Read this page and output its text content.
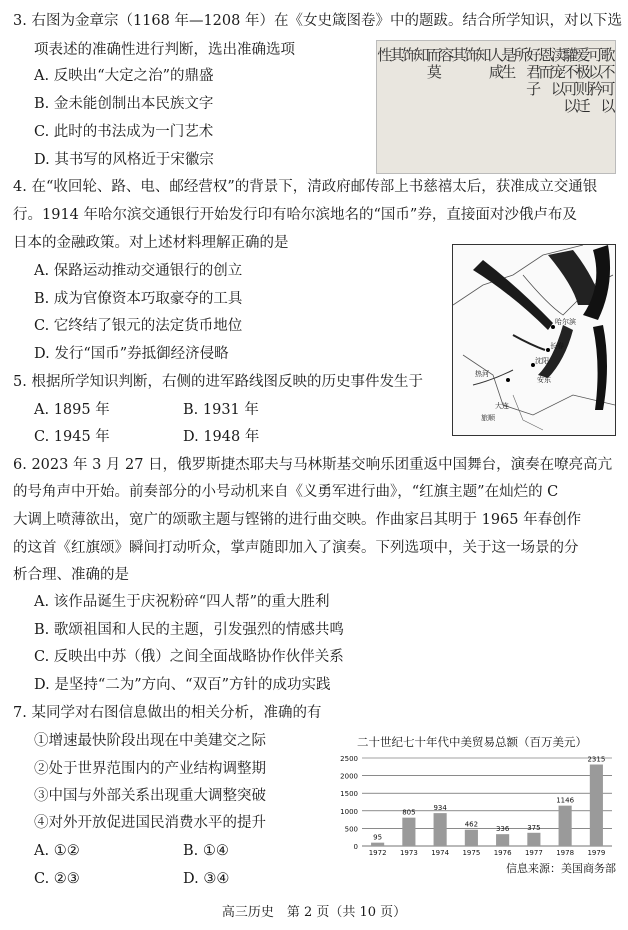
3. 右图为金章宗（1168 年—1208 年）在《女史箴图卷》中的题跋。结合所学知识，对以下选
项表述的准确性进行判断，选出准确选项
A. 反映出“大定之治”的鼎盛
B. 金未能创制出本民族文字
C. 此时的书法成为一门艺术
D. 其书写的风格近于宋徽宗
歌不可以
可以矜
爱极则迁
驩不可以
渎宠以
恩而
好君子
所
是生
人咸
知
饰
其
容
而莫
知
饰
其
性
4. 在“收回轮、路、电、邮经营权”的背景下，清政府邮传部上书慈禧太后，获准成立交通银
行。1914 年哈尔滨交通银行开始发行印有哈尔滨地名的“国币”券，直接面对沙俄卢布及
日本的金融政策。对上述材料理解正确的是
A. 保路运动推动交通银行的创立
B. 成为官僚资本巧取豪夺的工具
C. 它终结了银元的法定货币地位
D. 发行“国币”券抵御经济侵略
哈尔滨
长春
沈阳
大连
安东
旅顺
热河
5. 根据所学知识判断，右侧的进军路线图反映的历史事件发生于
A. 1895 年	B. 1931 年
C. 1945 年	D. 1948 年
6. 2023 年 3 月 27 日，俄罗斯捷杰耶夫与马林斯基交响乐团重返中国舞台，演奏在嘹亮高亢
的号角声中开始。前奏部分的小号动机来自《义勇军进行曲》，“红旗主题”在灿烂的 C
大调上喷薄欲出，宽广的颂歌主题与铿锵的进行曲交映。作曲家吕其明于 1965 年春创作
的这首《红旗颂》瞬间打动听众，掌声随即加入了演奏。下列选项中，关于这一场景的分
析合理、准确的是
A. 该作品诞生于庆祝粉碎“四人帮”的重大胜利
B. 歌颂祖国和人民的主题，引发强烈的情感共鸣
C. 反映出中苏（俄）之间全面战略协作伙伴关系
D. 是坚持“二为”方向、“双百”方针的成功实践
7. 某同学对右图信息做出的相关分析，准确的有
①增速最快阶段出现在中美建交之际
②处于世界范围内的产业结构调整期
③中国与外部关系出现重大调整突破
④对外开放促进国民消费水平的提升
A. ①②	B. ①④
C. ②③	D. ③④
二十世纪七十年代中美贸易总额（百万美元）
0
500
1000
1500
2000
2500
95
1972
805
1973
934
1974
462
1975
336
1976
375
1977
1146
1978
2315
1979
信息来源：美国商务部
高三历史　第 2 页（共 10 页）
